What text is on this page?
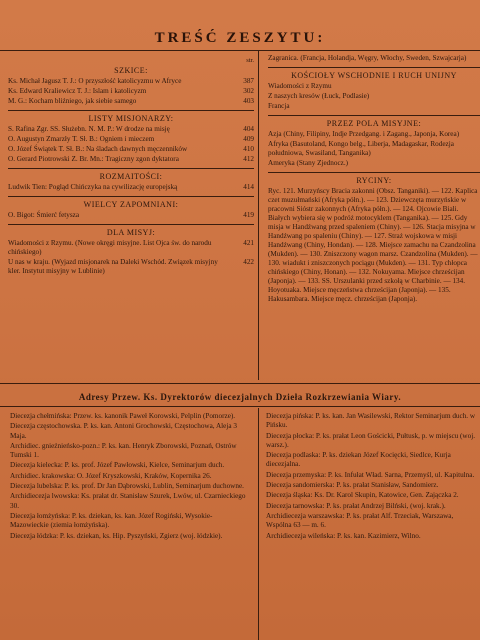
TREŚĆ ZESZYTU:
str.
SZKICE:
Ks. Michał Jagusz T. J.: O przyszłość katolicyzmu w Afryce	387
Ks. Edward Kraliewicz T. J.: Islam i katolicyzm	302
M. G.: Kocham bliźniego, jak siebie samego	403
LISTY MISJONARZY:
S. Rafina Zgr. SS. Służebn. N. M. P.: W drodze na misję	404
O. Augustyn Zmarzły T. Sł. B.: Ogniem i mieczem	409
O. Józef Świątek T. Sł. B.: Na śladach dawnych męczenników	410
O. Gerard Piotrowski Z. Br. Mn.: Tragiczny zgon dyktatora	412
ROZMAITOŚCI:
Ludwik Tien: Pogląd Chińczyka na cywilizację europejską	414
WIELCY ZAPOMNIANI:
O. Bigot: Śmierć fetysza	419
DLA MISYJ:
Wiadomości z Rzymu. (Nowe okręgi misyjne. List Ojca św. do narodu chińskiego)
421
U nas w kraju. (Wyjazd misjonarek na Daleki Wschód. Związek misyjny kler. Instytut misyjny w Lublinie)
422
Zagranica. (Francja, Holandja, Węgry, Włochy, Sweden, Szwajcarja)
KOŚCIOŁY WSCHODNIE I RUCH UNIJNY
Wiadomości z Rzymu
Z naszych kresów (Łuck, Podlasie)
Francja
PRZEZ POLA MISYJNE:
Azja (Chiny, Filipiny, Indje Przedgang. i Zagang., Japonja, Korea)
Afryka (Basutoland, Kongo belg., Liberja, Madagaskar, Rodezja południowa, Swasiland, Tanganika)
Ameryka (Stany Zjednocz.)
RYCINY:
Ryc. 121. Murzyńscy Bracia zakonni (Obsz. Tanganiki). — 122. Kaplica czet muzułmański (Afryka półn.). — 123. Dziewczęta murzyńskie w pracowni Sióstr zakonnych (Afryka półn.). — 124. Ojcowie Biali. Białych wybiera się w podróż motocyklem (Tanganika). — 125. Gdy misja w Handźwang przed spaleniem (Chiny). — 126. Stacja misyjna w Handźwang po spaleniu (Chiny). — 127. Straż wojskowa w misji Handźwang (Chiny, Hondan). — 128. Miejsce zamachu na Czandzolina (Mukden). — 130. Zniszczony wagon marsz. Czandzolina (Mukden). — 130. wiadukt i zniszczonych pociągu (Mukden). — 131. Typ chłopca chińskiego (Chiny, Honan). — 132. Nokuyama. Miejsce chrześcijan (Japonja). — 133. SS. Urszulanki przed szkołą w Charbinie. — 134. Hoyotuaka. Miejsce męczeństwa chrześcijan (Japonja). — 135. Hakusambara. Miejsce męcz. chrześcijan (Japonja).
Adresy Przew. Ks. Dyrektorów diecezjalnych Dzieła Rozkrzewiania Wiary.
Diecezja chełmińska: Przew. ks. kanonik Paweł Korowski, Pelplin (Pomorze).
Diecezja częstochowska. P. ks. kan. Antoni Grochowski, Częstochowa, Aleja 3 Maja.
Archidiec. gnieźnieńsko-pozn.: P. ks. kan. Henryk Zborowski, Poznań, Ostrów Tumski 1.
Diecezja kielecka: P. ks. prof. Józef Pawłowski, Kielce, Seminarjum duch.
Archidiec. krakowska: O. Józef Kryszkowski, Kraków, Kopernika 26.
Diecezja lubelska: P. ks. prof. Dr Jan Dąbrowski, Lublin, Seminarjum duchowne.
Archidiecezja lwowska: Ks. prałat dr. Stanisław Szurek, Lwów, ul. Czarnieckiego 30.
Diecezja łomżyńska: P. ks. dziekan, ks. kan. Józef Rogiński, Wysokie-Mazowieckie (ziemia łomżyńska).
Diecezja łódzka: P. ks. dziekan, ks. Hip. Pyszyński, Zgierz (woj. łódzkie).
Diecezja pińska: P. ks. kan. Jan Wasilewski, Rektor Seminarjum duch. w Pińsku.
Diecezja płocka: P. ks. prałat Leon Gościcki, Pułtusk, p. w miejscu (woj. warsz.).
Diecezja podlaska: P. ks. dziekan Józef Kocięcki, Siedlce, Kurja diecezjalna.
Diecezja przemyska: P. ks. Infułat Wład. Sarna, Przemyśl, ul. Kapitulna.
Diecezja sandomierska: P. ks. prałat Stanisław, Sandomierz.
Diecezja śląska: Ks. Dr. Karol Skupin, Katowice, Gen. Zajączka 2.
Diecezja tarnowska: P. ks. prałat Andrzej Bilński, (woj. krak.).
Archidiecezja warszawska: P. ks. prałat Alf. Trzeciak, Warszawa, Wspólna 63 — m. 6.
Archidiecezja wileńska: P. ks. kan. Kazimierz, Wilno.
